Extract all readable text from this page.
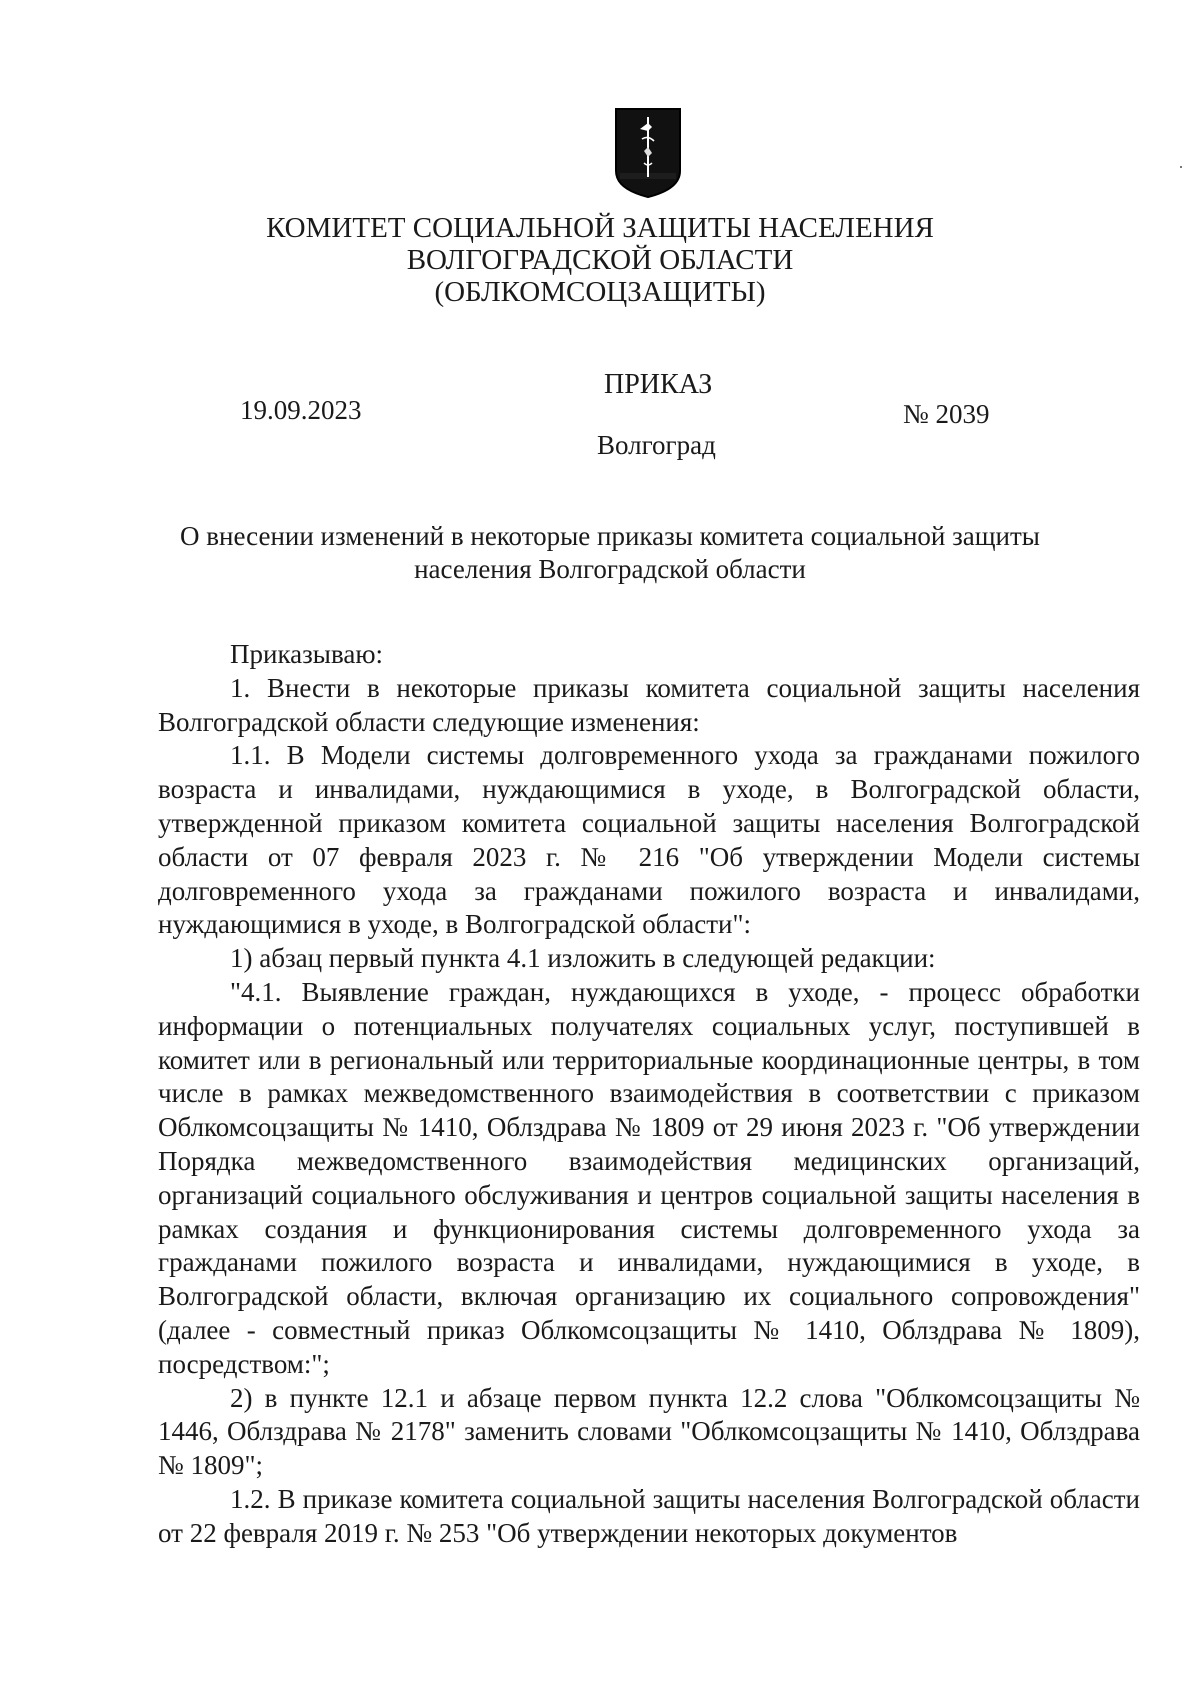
КОМИТЕТ СОЦИАЛЬНОЙ ЗАЩИТЫ НАСЕЛЕНИЯ
ВОЛГОГРАДСКОЙ ОБЛАСТИ
(ОБЛКОМСОЦЗАЩИТЫ)
ПРИКАЗ
19.09.2023	№ 2039
Волгоград
О внесении изменений в некоторые приказы комитета социальной защиты
населения Волгоградской области

Приказываю:

1. Внести в некоторые приказы комитета социальной защиты населения Волгоградской области следующие изменения:

1.1. В Модели системы долговременного ухода за гражданами пожилого возраста и инвалидами, нуждающимися в уходе, в Волгоградской области, утвержденной приказом комитета социальной защиты населения Волгоградской области от 07 февраля 2023 г. № 216 "Об утверждении Модели системы долговременного ухода за гражданами пожилого возраста и инвалидами, нуждающимися в уходе, в Волгоградской области":

1) абзац первый пункта 4.1 изложить в следующей редакции:

"4.1. Выявление граждан, нуждающихся в уходе, - процесс обработки информации о потенциальных получателях социальных услуг, поступившей в комитет или в региональный или территориальные координационные центры, в том числе в рамках межведомственного взаимодействия в соответствии с приказом Облкомсоцзащиты № 1410, Облздрава № 1809 от 29 июня 2023 г. "Об утверждении Порядка межведомственного взаимодействия медицинских организаций, организаций социального обслуживания и центров социальной защиты населения в рамках создания и функционирования системы долговременного ухода за гражданами пожилого возраста и инвалидами, нуждающимися в уходе, в Волгоградской области, включая организацию их социального сопровождения" (далее - совместный приказ Облкомсоцзащиты № 1410, Облздрава № 1809), посредством:";

2) в пункте 12.1 и абзаце первом пункта 12.2 слова "Облкомсоцзащиты № 1446, Облздрава № 2178" заменить словами "Облкомсоцзащиты № 1410, Облздрава № 1809";

1.2. В приказе комитета социальной защиты населения Волгоградской области от 22 февраля 2019 г. № 253 "Об утверждении некоторых документов
